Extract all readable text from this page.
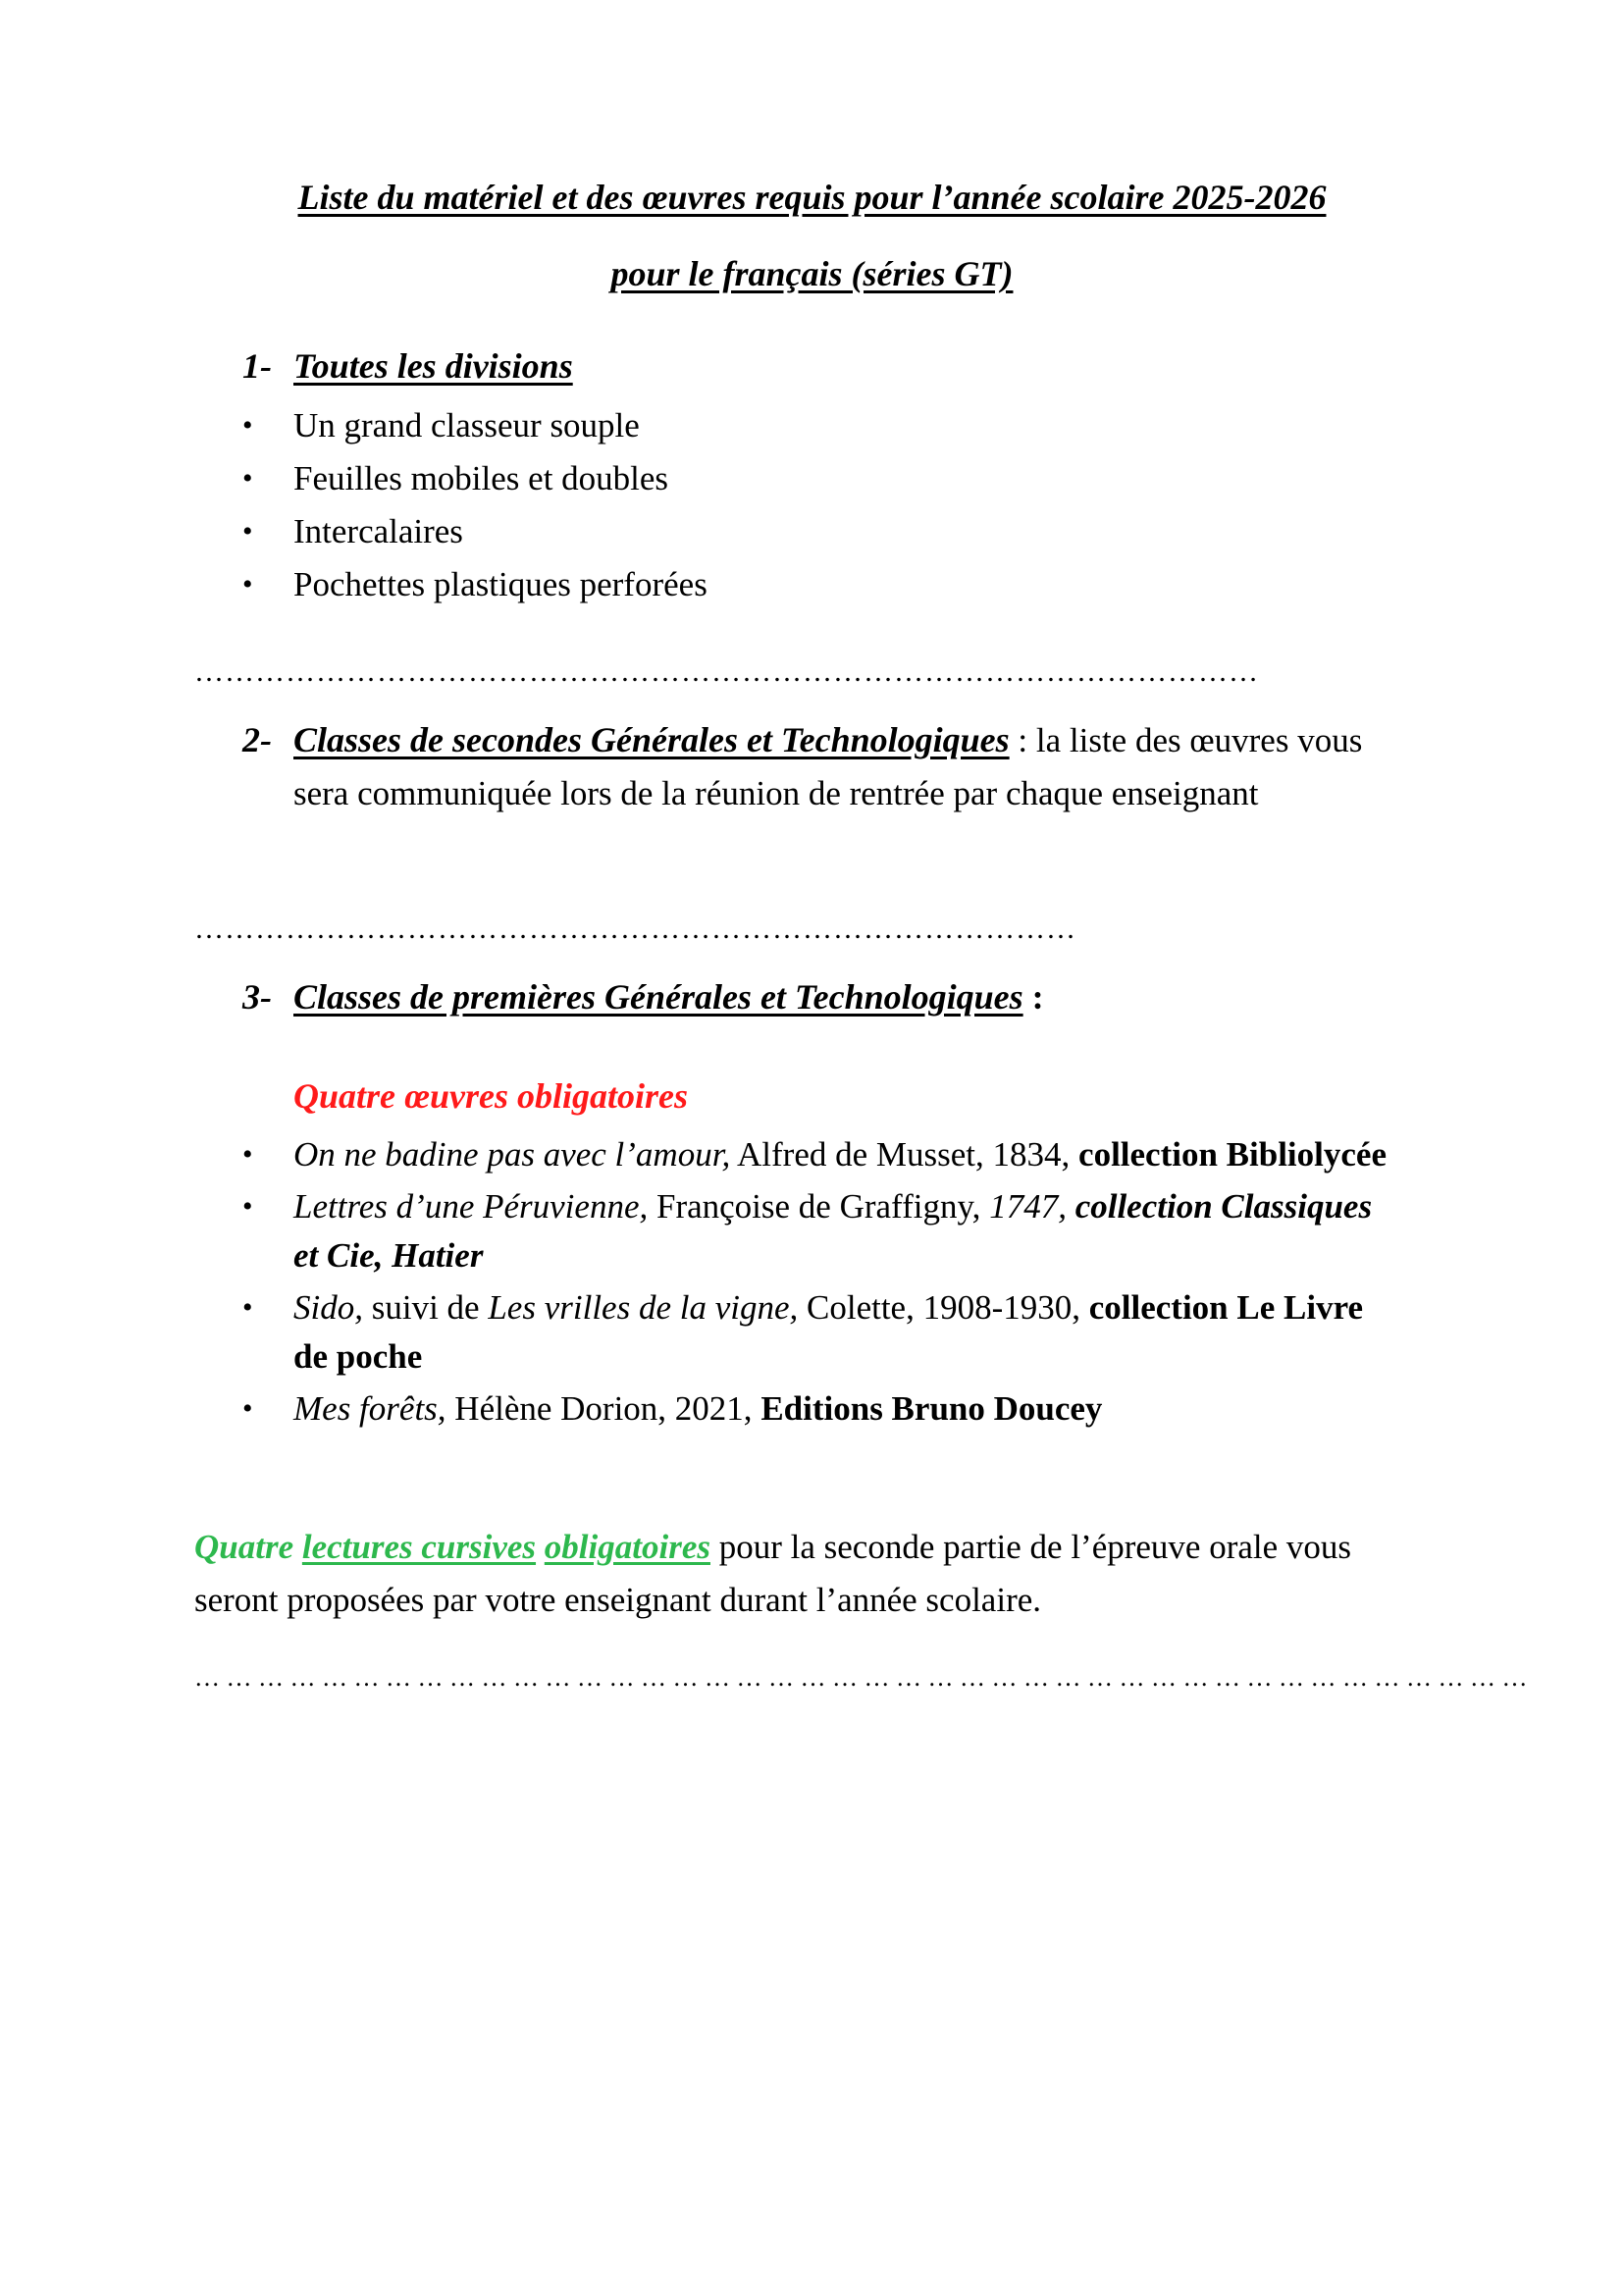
Liste du matériel et des œuvres requis pour l’année scolaire 2025-2026
pour le français (séries GT)
1- Toutes les divisions
• Un grand classeur souple
• Feuilles mobiles et doubles
• Intercalaires
• Pochettes plastiques perforées
……………………………………………………………………………………………
2- Classes de secondes Générales et Technologiques : la liste des œuvres vous sera communiquée lors de la réunion de rentrée par chaque enseignant
……………………………………………………………………………
3- Classes de premières Générales et Technologiques :
Quatre œuvres obligatoires
• On ne badine pas avec l’amour, Alfred de Musset, 1834, collection Bibliolycée
• Lettres d’une Péruvienne, Françoise de Graffigny, 1747, collection Classiques et Cie, Hatier
• Sido, suivi de Les vrilles de la vigne, Colette, 1908-1930, collection Le Livre de poche
• Mes forêts, Hélène Dorion, 2021, Editions Bruno Doucey
Quatre lectures cursives obligatoires pour la seconde partie de l’épreuve orale vous seront proposées par votre enseignant durant l’année scolaire.
… … … … … … … … … … … … … … … … … … … … … … … … … … … … … … … … … … … … … … … … … …
